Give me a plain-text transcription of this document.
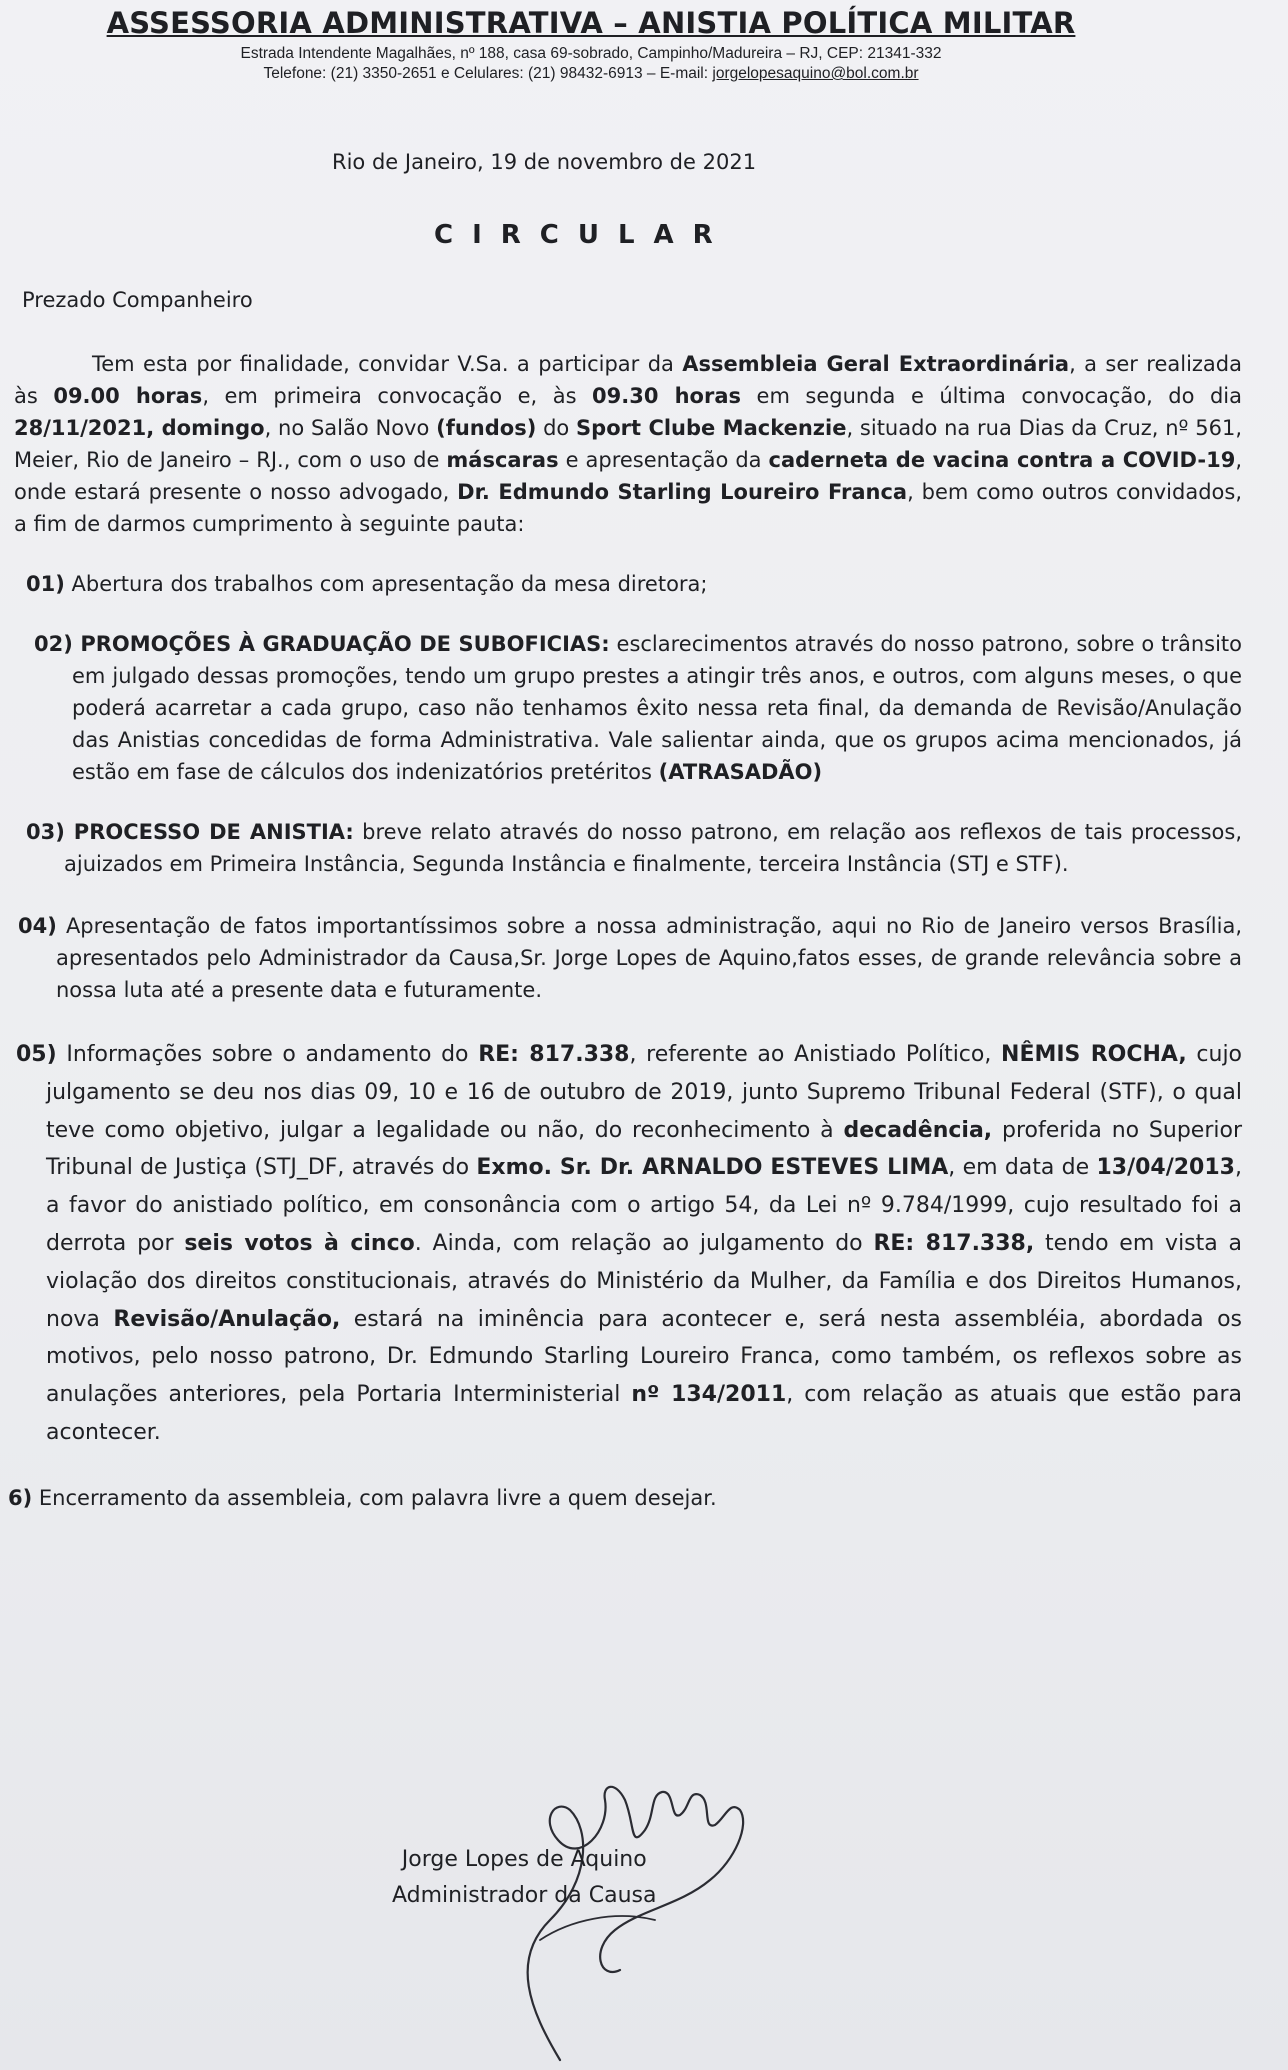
ASSESSORIA ADMINISTRATIVA – ANISTIA POLÍTICA MILITAR

Estrada Intendente Magalhães, nº 188, casa 69-sobrado, Campinho/Madureira – RJ, CEP: 21341-332

Telefone: (21) 3350-2651 e Celulares: (21) 98432-6913 – E-mail: jorgelopesaquino@bol.com.br

Rio de Janeiro, 19 de novembro de 2021

CIRCULAR

Prezado Companheiro

Tem esta por finalidade, convidar V.Sa. a participar da Assembleia Geral Extraordinária, a ser realizada às 09.00 horas, em primeira convocação e, às 09.30 horas em segunda e última convocação, do dia 28/11/2021, domingo, no Salão Novo (fundos) do Sport Clube Mackenzie, situado na rua Dias da Cruz, nº 561, Meier, Rio de Janeiro – RJ., com o uso de máscaras e apresentação da caderneta de vacina contra a COVID-19, onde estará presente o nosso advogado, Dr. Edmundo Starling Loureiro Franca, bem como outros convidados, a fim de darmos cumprimento à seguinte pauta:

01) Abertura dos trabalhos com apresentação da mesa diretora;

02) PROMOÇÕES À GRADUAÇÃO DE SUBOFICIAS: esclarecimentos através do nosso patrono, sobre o trânsito em julgado dessas promoções, tendo um grupo prestes a atingir três anos, e outros, com alguns meses, o que poderá acarretar a cada grupo, caso não tenhamos êxito nessa reta final, da demanda de Revisão/Anulação das Anistias concedidas de forma Administrativa. Vale salientar ainda, que os grupos acima mencionados, já estão em fase de cálculos dos indenizatórios pretéritos (ATRASADÃO)

03) PROCESSO DE ANISTIA: breve relato através do nosso patrono, em relação aos reflexos de tais processos, ajuizados em Primeira Instância, Segunda Instância e finalmente, terceira Instância (STJ e STF).

04) Apresentação de fatos importantíssimos sobre a nossa administração, aqui no Rio de Janeiro versos Brasília, apresentados pelo Administrador da Causa,Sr. Jorge Lopes de Aquino,fatos esses, de grande relevância sobre a nossa luta até a presente data e futuramente.

05) Informações sobre o andamento do RE: 817.338, referente ao Anistiado Político, NÊMIS ROCHA, cujo julgamento se deu nos dias 09, 10 e 16 de outubro de 2019, junto Supremo Tribunal Federal (STF), o qual teve como objetivo, julgar a legalidade ou não, do reconhecimento à decadência, proferida no Superior Tribunal de Justiça (STJ_DF, através do Exmo. Sr. Dr. ARNALDO ESTEVES LIMA, em data de 13/04/2013, a favor do anistiado político, em consonância com o artigo 54, da Lei nº 9.784/1999, cujo resultado foi a derrota por seis votos à cinco. Ainda, com relação ao julgamento do RE: 817.338, tendo em vista a violação dos direitos constitucionais, através do Ministério da Mulher, da Família e dos Direitos Humanos, nova Revisão/Anulação, estará na iminência para acontecer e, será nesta assembléia, abordada os motivos, pelo nosso patrono, Dr. Edmundo Starling Loureiro Franca, como também, os reflexos sobre as anulações anteriores, pela Portaria Interministerial nº 134/2011, com relação as atuais que estão para acontecer.

6) Encerramento da assembleia, com palavra livre a quem desejar.

Jorge Lopes de Aquino

Administrador da Causa
